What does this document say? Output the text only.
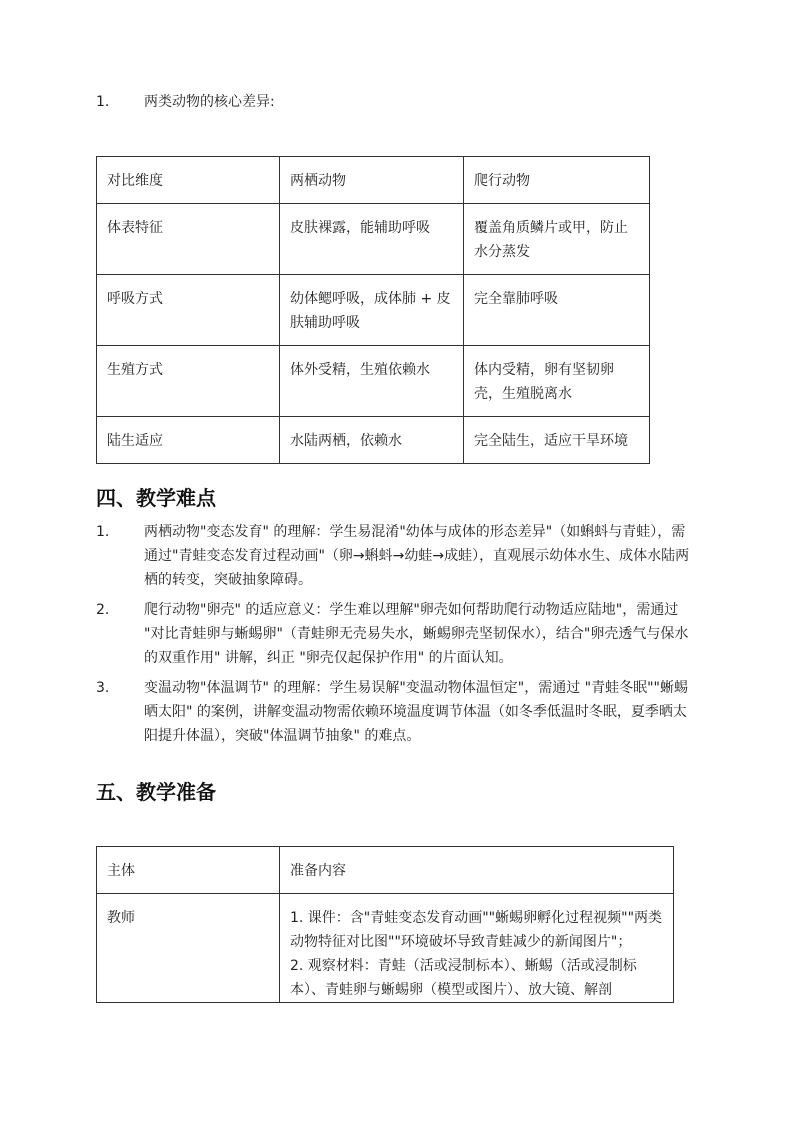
1. 两类动物的核心差异:
对比维度	两栖动物	爬行动物
体表特征	皮肤裸露，能辅助呼吸	覆盖角质鳞片或甲，防止水分蒸发
呼吸方式	幼体鳃呼吸，成体肺 + 皮肤辅助呼吸	完全靠肺呼吸
生殖方式	体外受精，生殖依赖水	体内受精，卵有坚韧卵壳，生殖脱离水
陆生适应	水陆两栖，依赖水	完全陆生，适应干旱环境
四、教学难点
1. 两栖动物"变态发育" 的理解：学生易混淆"幼体与成体的形态差异"（如蝌蚪与青蛙），需通过"青蛙变态发育过程动画"（卵→蝌蚪→幼蛙→成蛙），直观展示幼体水生、成体水陆两栖的转变，突破抽象障碍。
2. 爬行动物"卵壳" 的适应意义：学生难以理解"卵壳如何帮助爬行动物适应陆地"，需通过 "对比青蛙卵与蜥蜴卵"（青蛙卵无壳易失水，蜥蜴卵壳坚韧保水），结合"卵壳透气与保水的双重作用" 讲解，纠正 "卵壳仅起保护作用" 的片面认知。
3. 变温动物"体温调节" 的理解：学生易误解"变温动物体温恒定"，需通过 "青蛙冬眠""蜥蜴晒太阳" 的案例，讲解变温动物需依赖环境温度调节体温（如冬季低温时冬眠，夏季晒太阳提升体温），突破"体温调节抽象" 的难点。
五、教学准备
主体	准备内容
教师	1. 课件：含"青蛙变态发育动画""蜥蜴卵孵化过程视频""两类动物特征对比图""环境破坏导致青蛙减少的新闻图片"；
2. 观察材料：青蛙（活或浸制标本）、蜥蜴（活或浸制标本）、青蛙卵与蜥蜴卵（模型或图片）、放大镜、解剖
